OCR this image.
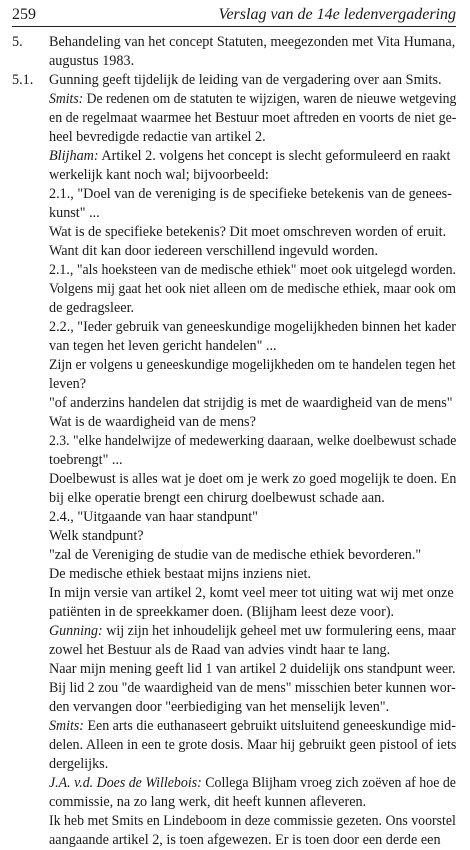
259	Verslag van de 14e ledenvergadering
5. Behandeling van het concept Statuten, meegezonden met Vita Humana,
augustus 1983.
5.1. Gunning geeft tijdelijk de leiding van de vergadering over aan Smits.
Smits: De redenen om de statuten te wijzigen, waren de nieuwe wetgeving
en de regelmaat waarmee het Bestuur moet aftreden en voorts de niet ge-
heel bevredigde redactie van artikel 2.
Blijham: Artikel 2. volgens het concept is slecht geformuleerd en raakt
werkelijk kant noch wal; bijvoorbeeld:
2.1., "Doel van de vereniging is de specifieke betekenis van de genees-
kunst" ...
Wat is de specifieke betekenis? Dit moet omschreven worden of eruit.
Want dit kan door iedereen verschillend ingevuld worden.
2.1., "als hoeksteen van de medische ethiek" moet ook uitgelegd worden.
Volgens mij gaat het ook niet alleen om de medische ethiek, maar ook om
de gedragsleer.
2.2., "Ieder gebruik van geneeskundige mogelijkheden binnen het kader
van tegen het leven gericht handelen" ...
Zijn er volgens u geneeskundige mogelijkheden om te handelen tegen het
leven?
"of anderzins handelen dat strijdig is met de waardigheid van de mens"
Wat is de waardigheid van de mens?
2.3. "elke handelwijze of medewerking daaraan, welke doelbewust schade
toebrengt" ...
Doelbewust is alles wat je doet om je werk zo goed mogelijk te doen. En
bij elke operatie brengt een chirurg doelbewust schade aan.
2.4., "Uitgaande van haar standpunt"
Welk standpunt?
"zal de Vereniging de studie van de medische ethiek bevorderen."
De medische ethiek bestaat mijns inziens niet.
In mijn versie van artikel 2, komt veel meer tot uiting wat wij met onze
patiënten in de spreekkamer doen. (Blijham leest deze voor).
Gunning: wij zijn het inhoudelijk geheel met uw formulering eens, maar
zowel het Bestuur als de Raad van advies vindt haar te lang.
Naar mijn mening geeft lid 1 van artikel 2 duidelijk ons standpunt weer.
Bij lid 2 zou "de waardigheid van de mens" misschien beter kunnen wor-
den vervangen door "eerbiediging van het menselijk leven".
Smits: Een arts die euthanaseert gebruikt uitsluitend geneeskundige mid-
delen. Alleen in een te grote dosis. Maar hij gebruikt geen pistool of iets
dergelijks.
J.A. v.d. Does de Willebois: Collega Blijham vroeg zich zoëven af hoe de
commissie, na zo lang werk, dit heeft kunnen afleveren.
Ik heb met Smits en Lindeboom in deze commissie gezeten. Ons voorstel
aangaande artikel 2, is toen afgewezen. Er is toen door een derde een
